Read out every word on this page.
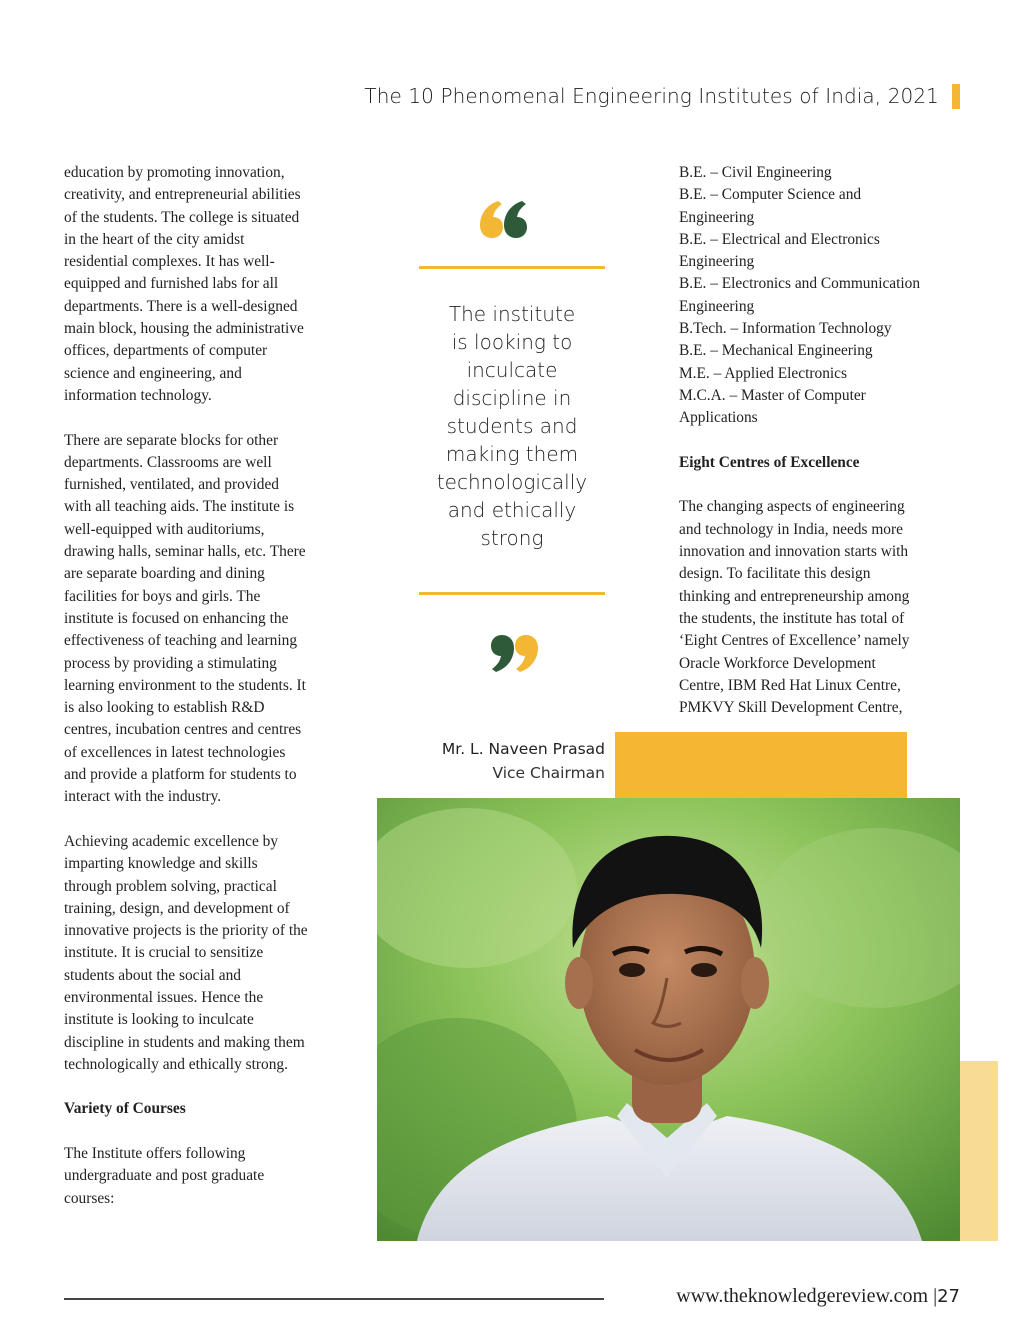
The 10 Phenomenal Engineering Institutes of India, 2021

education by promoting innovation,
creativity, and entrepreneurial abilities
of the students. The college is situated
in the heart of the city amidst
residential complexes. It has well-
equipped and furnished labs for all
departments. There is a well-designed
main block, housing the administrative
offices, departments of computer
science and engineering, and
information technology.

There are separate blocks for other
departments. Classrooms are well
furnished, ventilated, and provided
with all teaching aids. The institute is
well-equipped with auditoriums,
drawing halls, seminar halls, etc. There
are separate boarding and dining
facilities for boys and girls. The
institute is focused on enhancing the
effectiveness of teaching and learning
process by providing a stimulating
learning environment to the students. It
is also looking to establish R&D
centres, incubation centres and centres
of excellences in latest technologies
and provide a platform for students to
interact with the industry.

Achieving academic excellence by
imparting knowledge and skills
through problem solving, practical
training, design, and development of
innovative projects is the priority of the
institute. It is crucial to sensitize
students about the social and
environmental issues. Hence the
institute is looking to inculcate
discipline in students and making them
technologically and ethically strong.

Variety of Courses

The Institute offers following
undergraduate and post graduate
courses:

The institute
is looking to
inculcate
discipline in
students and
making them
technologically
and ethically
strong
Mr. L. Naveen Prasad
Vice Chairman
B.E. – Civil Engineering
B.E. – Computer Science and
Engineering
B.E. – Electrical and Electronics
Engineering
B.E. – Electronics and Communication
Engineering
B.Tech. – Information Technology
B.E. – Mechanical Engineering
M.E. – Applied Electronics
M.C.A. – Master of Computer
Applications

Eight Centres of Excellence

The changing aspects of engineering
and technology in India, needs more
innovation and innovation starts with
design. To facilitate this design
thinking and entrepreneurship among
the students, the institute has total of
‘Eight Centres of Excellence’ namely
Oracle Workforce Development
Centre, IBM Red Hat Linux Centre,
PMKVY Skill Development Centre,

www.theknowledgereview.com |27
